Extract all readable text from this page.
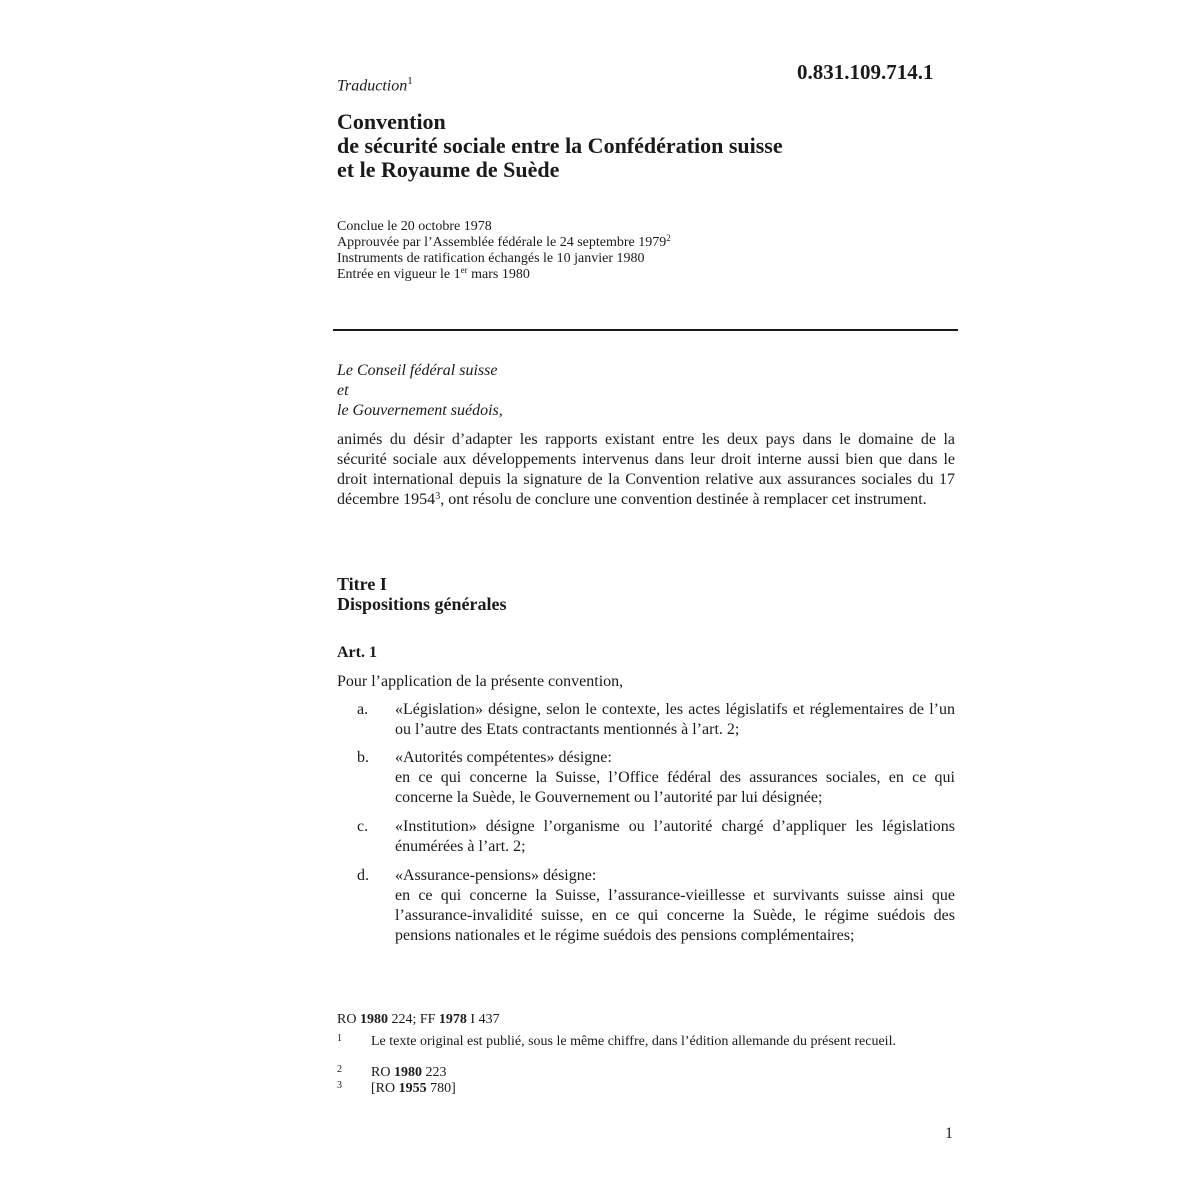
0.831.109.714.1
Traduction$^1$
Convention
de sécurité sociale entre la Confédération suisse
et le Royaume de Suède
Conclue le 20 octobre 1978
Approuvée par l’Assemblée fédérale le 24 septembre 1979$^2$
Instruments de ratification échangés le 10 janvier 1980
Entrée en vigueur le 1er mars 1980
Le Conseil fédéral suisse
et
le Gouvernement suédois,
animés du désir d’adapter les rapports existant entre les deux pays dans le domaine de la sécurité sociale aux développements intervenus dans leur droit interne aussi bien que dans le droit international depuis la signature de la Convention relative aux assurances sociales du 17 décembre 1954$^3$, ont résolu de conclure une convention destinée à remplacer cet instrument.
Titre I
Dispositions générales
Art. 1
Pour l’application de la présente convention,
a. «Législation» désigne, selon le contexte, les actes législatifs et réglementaires de l’un ou l’autre des Etats contractants mentionnés à l’art. 2;
b. «Autorités compétentes» désigne:
en ce qui concerne la Suisse, l’Office fédéral des assurances sociales, en ce qui concerne la Suède, le Gouvernement ou l’autorité par lui désignée;
c. «Institution» désigne l’organisme ou l’autorité chargé d’appliquer les législations énumérées à l’art. 2;
d. «Assurance-pensions» désigne:
en ce qui concerne la Suisse, l’assurance-vieillesse et survivants suisse ainsi que l’assurance-invalidité suisse, en ce qui concerne la Suède, le régime suédois des pensions nationales et le régime suédois des pensions complémentaires;
RO 1980 224; FF 1978 I 437
1 Le texte original est publié, sous le même chiffre, dans l’édition allemande du présent recueil.
2 RO 1980 223
3 [RO 1955 780]
1
